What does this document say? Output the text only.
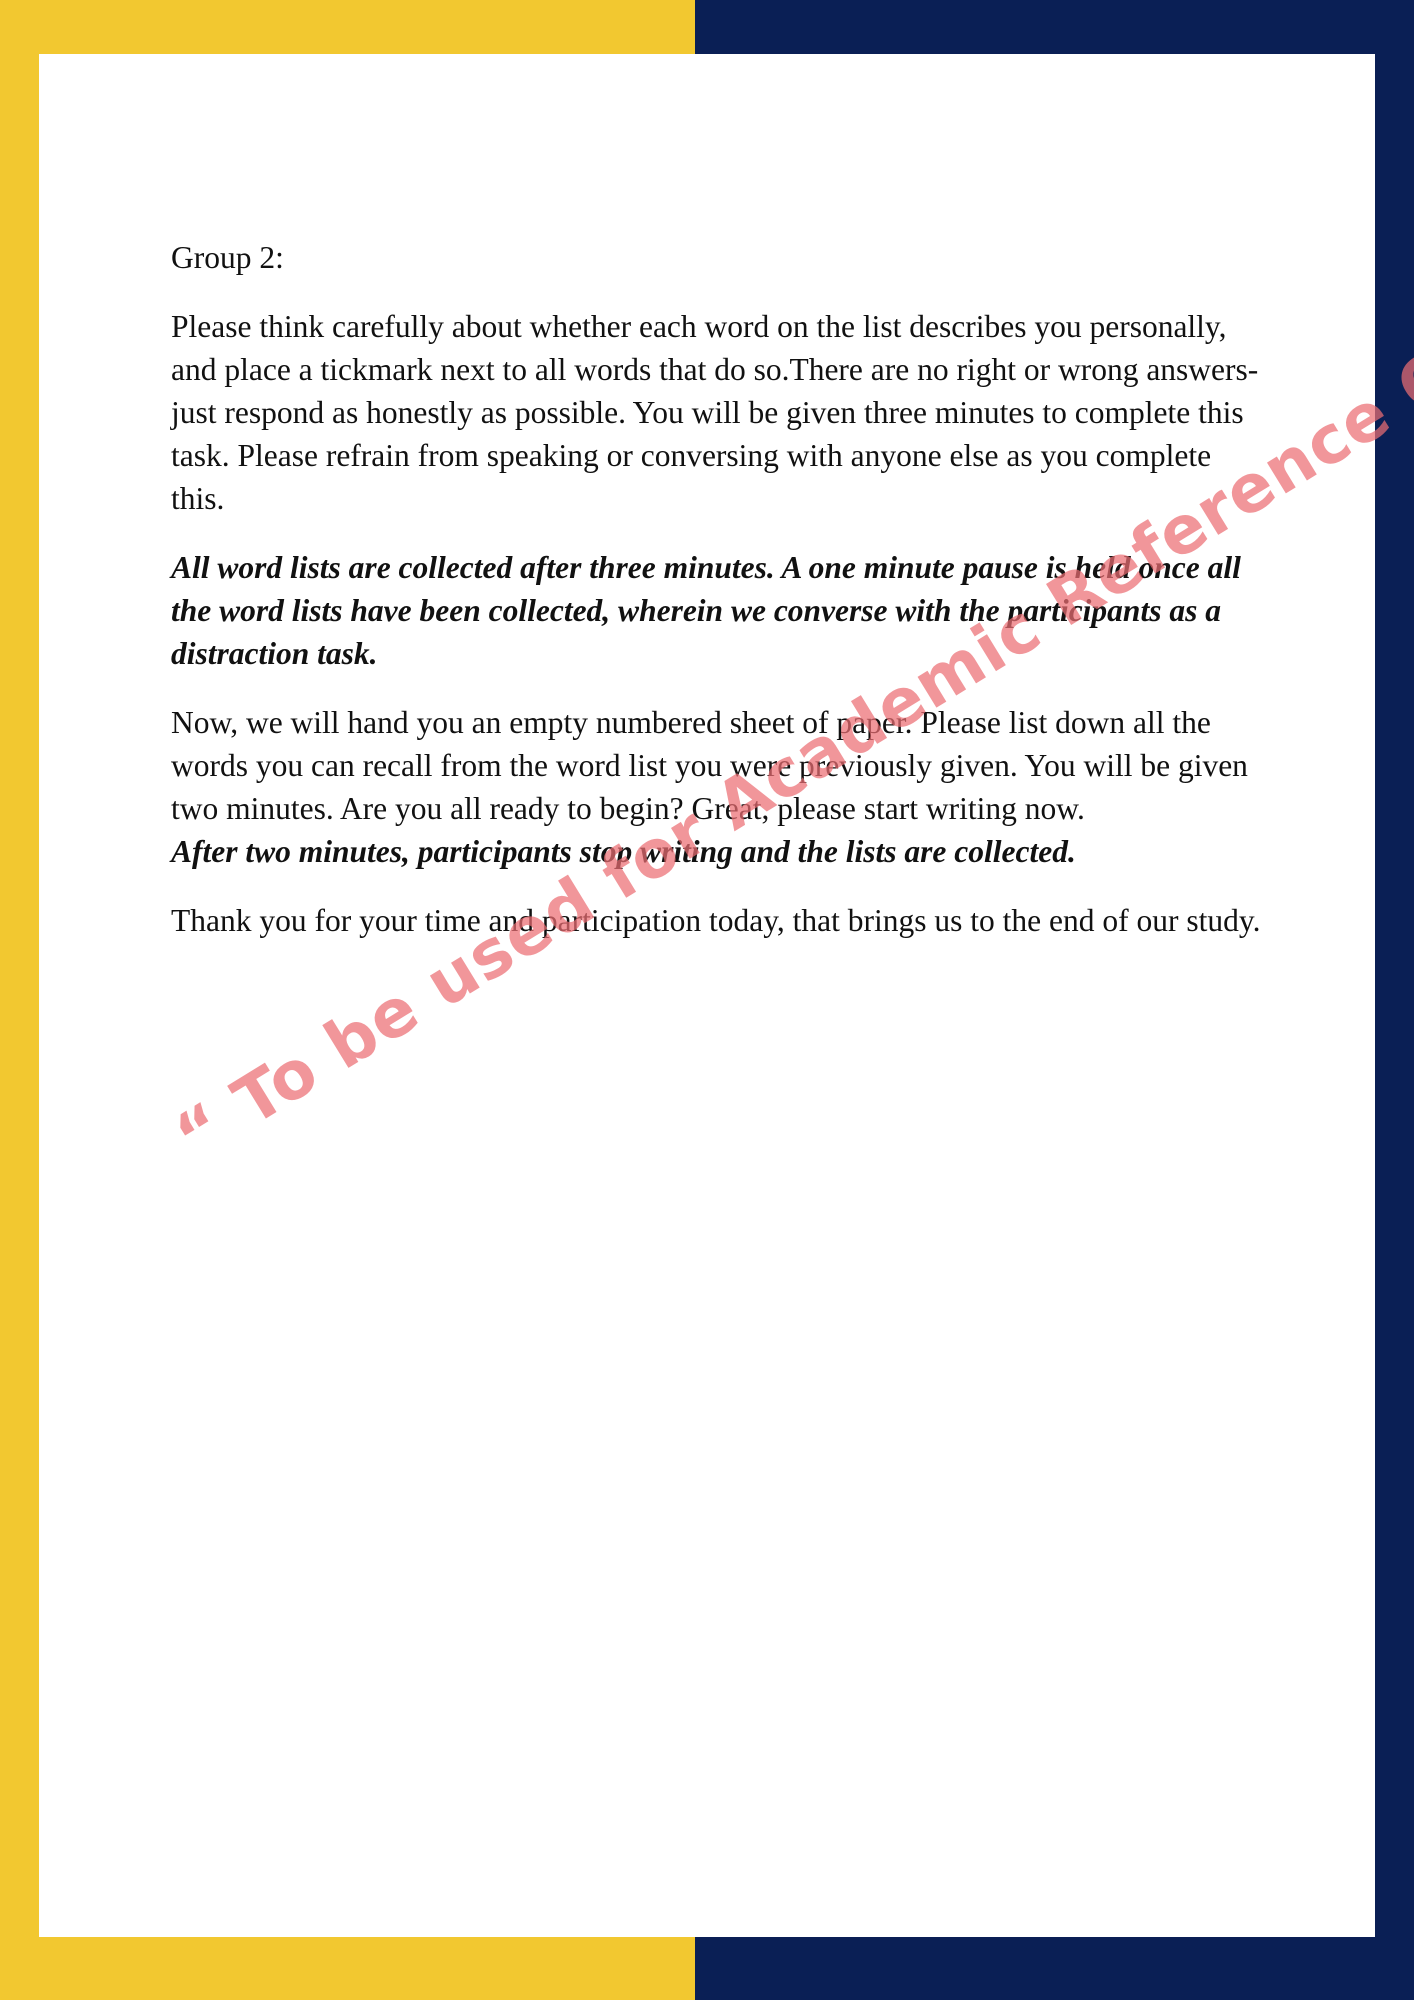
Group 2:

Please think carefully about whether each word on the list describes you personally, and place a tickmark next to all words that do so.There are no right or wrong answers- just respond as honestly as possible. You will be given three minutes to complete this task. Please refrain from speaking or conversing with anyone else as you complete this.

All word lists are collected after three minutes. A one minute pause is held once all the word lists have been collected, wherein we converse with the participants as a distraction task.

Now, we will hand you an empty numbered sheet of paper. Please list down all the words you can recall from the word list you were previously given. You will be given two minutes. Are you all ready to begin? Great, please start writing now.

After two minutes, participants stop writing and the lists are collected.

Thank you for your time and participation today, that brings us to the end of our study.

“ To be used for Academic Reference
